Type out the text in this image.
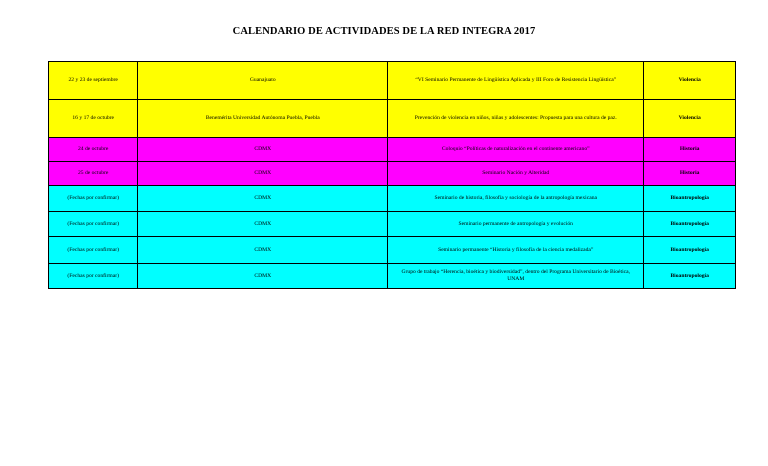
CALENDARIO DE ACTIVIDADES DE LA RED INTEGRA 2017
22 y 23 de septiembre	Guanajuato	“VI Seminario Permanente de Lingüística Aplicada y III Foro de Resistencia Lingüística”	Violencia
16 y 17 de octubre	Benemérita Universidad Autónoma Puebla, Puebla	Prevención de violencia en niños, niñas y adolescentes: Propuesta para una cultura de paz.	Violencia
24 de octubre	CDMX	Coloquio “Políticas de naturalización en el continente americano”	Historia
25 de octubre	CDMX	Seminario Nación y Alteridad	Historia
(Fechas por confirmar)	CDMX	Seminario de historia, filosofía y sociología de la antropología mexicana	Bioantropología
(Fechas por confirmar)	CDMX	Seminario permanente de antropología y evolución	Bioantropología
(Fechas por confirmar)	CDMX	Seminario permanente “Historia y filosofía de la ciencia medalizada”	Bioantropología
(Fechas por confirmar)	CDMX	Grupo de trabajo “Herencia, bioética y biodiversidad”, dentro del Programa Universitario de Bioética, UNAM	Bioantropología
